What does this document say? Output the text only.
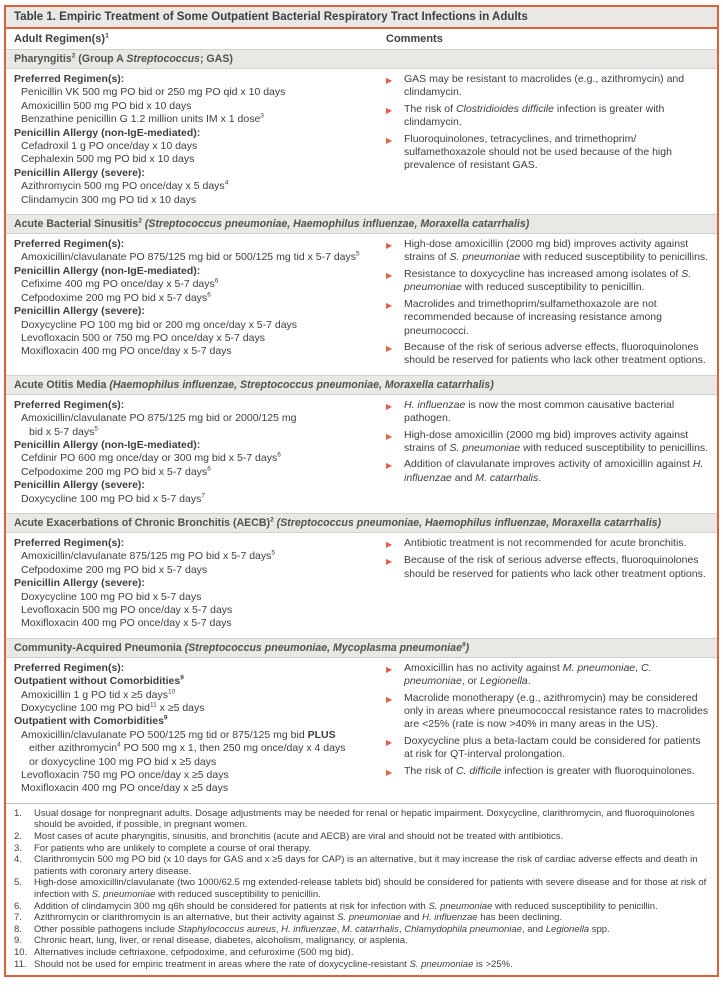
Table 1. Empiric Treatment of Some Outpatient Bacterial Respiratory Tract Infections in Adults
Adult $Regimen(s)^1$	Comments
Pharyngitis$^2$ (Group A Streptococcus; GAS)
Preferred Regimen(s):
Penicillin VK 500 mg PO bid or 250 mg PO qid x 10 days
Amoxicillin 500 mg PO bid x 10 days
Benzathine penicillin G 1.2 million units IM x 1 dose$^3$
Penicillin Allergy (non-IgE-mediated):
Cefadroxil 1 g PO once/day x 10 days
Cephalexin 500 mg PO bid x 10 days
Penicillin Allergy (severe):
Azithromycin 500 mg PO once/day x 5 days$^4$
Clindamycin 300 mg PO tid x 10 days
▶	GAS may be resistant to macrolides (e.g., azithromycin) and clindamycin.
▶	The risk of Clostridioides difficile infection is greater with clindamycin.
▶	Fluoroquinolones, tetracyclines, and trimethoprim/ sulfamethoxazole should not be used because of the high prevalence of resistant GAS.
Acute Bacterial Sinusitis$^2$ (Streptococcus pneumoniae, Haemophilus influenzae, Moraxella catarrhalis)
Preferred Regimen(s):
Amoxicillin/clavulanate PO 875/125 mg bid or 500/125 mg tid x 5-7 days$^5$
Penicillin Allergy (non-IgE-mediated):
Cefixime 400 mg PO once/day x 5-7 days$^6$
Cefpodoxime 200 mg PO bid x 5-7 days$^6$
Penicillin Allergy (severe):
Doxycycline PO 100 mg bid or 200 mg once/day x 5-7 days
Levofloxacin 500 or 750 mg PO once/day x 5-7 days
Moxifloxacin 400 mg PO once/day x 5-7 days
▶	High-dose amoxicillin (2000 mg bid) improves activity against strains of S. pneumoniae with reduced susceptibility to penicillins.
▶	Resistance to doxycycline has increased among isolates of S. pneumoniae with reduced susceptibility to penicillin.
▶	Macrolides and trimethoprim/sulfamethoxazole are not recommended because of increasing resistance among pneumococci.
▶	Because of the risk of serious adverse effects, fluoroquinolones should be reserved for patients who lack other treatment options.
Acute Otitis Media (Haemophilus influenzae, Streptococcus pneumoniae, Moraxella catarrhalis)
Preferred Regimen(s):
Amoxicillin/clavulanate PO 875/125 mg bid or 2000/125 mg
bid x 5-7 days$^5$
Penicillin Allergy (non-IgE-mediated):
Cefdinir PO 600 mg once/day or 300 mg bid x 5-7 days$^6$
Cefpodoxime 200 mg PO bid x 5-7 days$^6$
Penicillin Allergy (severe):
Doxycycline 100 mg PO bid x 5-7 days$^7$
▶	H. influenzae is now the most common causative bacterial pathogen.
▶	High-dose amoxicillin (2000 mg bid) improves activity against strains of S. pneumoniae with reduced susceptibility to penicillins.
▶	Addition of clavulanate improves activity of amoxicillin against H. influenzae and M. catarrhalis.
Acute Exacerbations of Chronic Bronchitis (AECB)$^2$ (Streptococcus pneumoniae, Haemophilus influenzae, Moraxella catarrhalis)
Preferred Regimen(s):
Amoxicillin/clavulanate 875/125 mg PO bid x 5-7 days$^5$
Cefpodoxime 200 mg PO bid x 5-7 days
Penicillin Allergy (severe):
Doxycycline 100 mg PO bid x 5-7 days
Levofloxacin 500 mg PO once/day x 5-7 days
Moxifloxacin 400 mg PO once/day x 5-7 days
▶	Antibiotic treatment is not recommended for acute bronchitis.
▶	Because of the risk of serious adverse effects, fluoroquinolones should be reserved for patients who lack other treatment options.
Community-Acquired Pneumonia (Streptococcus pneumoniae, Mycoplasma pneumoniae$^8$)
Preferred Regimen(s):
Outpatient without Comorbidities$^9$
Amoxicillin 1 g PO tid x ≥5 days$^{10}$
Doxycycline 100 mg PO bid$^{11}$ x ≥5 days
Outpatient with Comorbidities$^9$
Amoxicillin/clavulanate PO 500/125 mg tid or 875/125 mg bid PLUS
either azithromycin$^4$ PO 500 mg x 1, then 250 mg once/day x 4 days
or doxycycline 100 mg PO bid x ≥5 days
Levofloxacin 750 mg PO once/day x ≥5 days
Moxifloxacin 400 mg PO once/day x ≥5 days
▶	Amoxicillin has no activity against M. pneumoniae, C. pneumoniae, or Legionella.
▶	Macrolide monotherapy (e.g., azithromycin) may be considered only in areas where pneumococcal resistance rates to macrolides are <25% (rate is now >40% in many areas in the US).
▶	Doxycycline plus a beta-lactam could be considered for patients at risk for QT-interval prolongation.
▶	The risk of C. difficile infection is greater with fluoroquinolones.
1.	Usual dosage for nonpregnant adults. Dosage adjustments may be needed for renal or hepatic impairment. Doxycycline, clarithromycin, and fluoroquinolones should be avoided, if possible, in pregnant women.
2.	Most cases of acute pharyngitis, sinusitis, and bronchitis (acute and AECB) are viral and should not be treated with antibiotics.
3.	For patients who are unlikely to complete a course of oral therapy.
4.	Clarithromycin 500 mg PO bid (x 10 days for GAS and x ≥5 days for CAP) is an alternative, but it may increase the risk of cardiac adverse effects and death in patients with coronary artery disease.
5.	High-dose amoxicillin/clavulanate (two 1000/62.5 mg extended-release tablets bid) should be considered for patients with severe disease and for those at risk of infection with S. pneumoniae with reduced susceptibility to penicillin.
6.	Addition of clindamycin 300 mg q6h should be considered for patients at risk for infection with S. pneumoniae with reduced susceptibility to penicillin.
7.	Azithromycin or clarithromycin is an alternative, but their activity against S. pneumoniae and H. influenzae has been declining.
8.	Other possible pathogens include Staphylococcus aureus, H. influenzae, M. catarrhalis, Chlamydophila pneumoniae, and Legionella spp.
9.	Chronic heart, lung, liver, or renal disease, diabetes, alcoholism, malignancy, or asplenia.
10. Alternatives include ceftriaxone, cefpodoxime, and cefuroxime (500 mg bid).
11. Should not be used for empiric treatment in areas where the rate of doxycycline-resistant S. pneumoniae is >25%.
